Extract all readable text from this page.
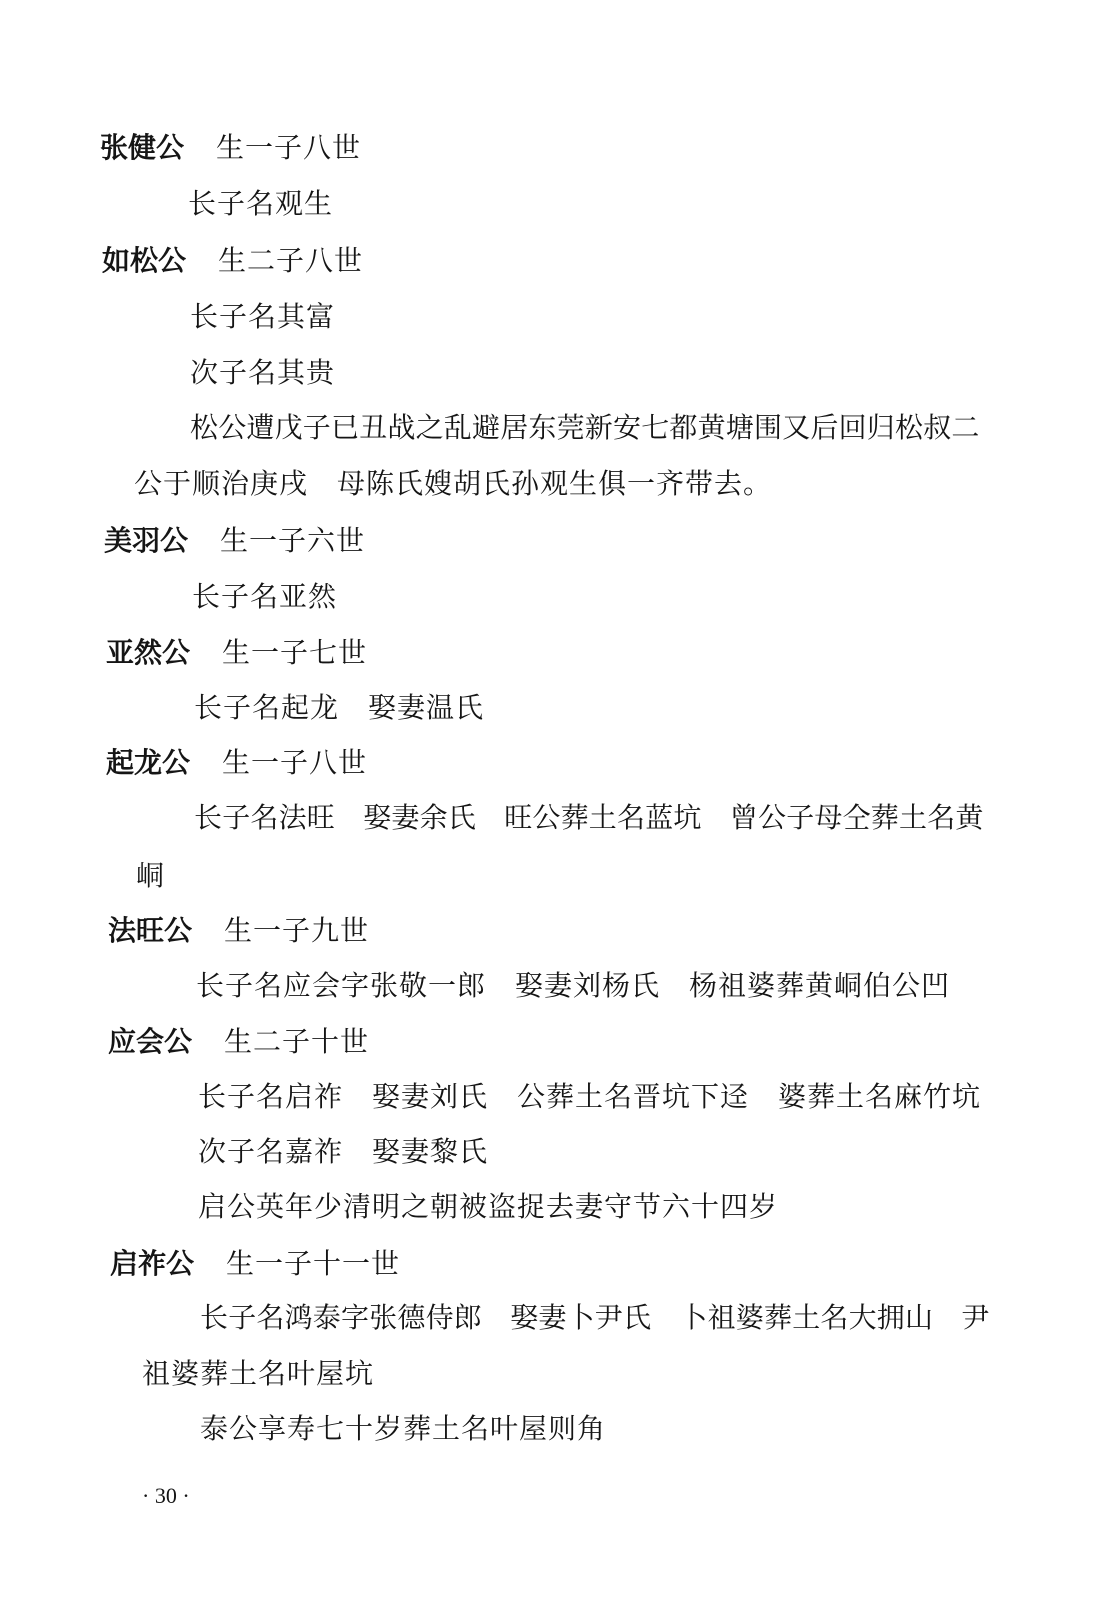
张健公 生一子八世
长子名观生
如松公 生二子八世
长子名其富
次子名其贵
松公遭戊子已丑战之乱避居东莞新安七都黄塘围又后回归松叔二
公于顺治庚戌　母陈氏嫂胡氏孙观生俱一齐带去。
美羽公 生一子六世
长子名亚然
亚然公 生一子七世
长子名起龙　娶妻温氏
起龙公 生一子八世
长子名法旺　娶妻余氏　旺公葬土名蓝坑　曾公子母仝葬土名黄
峒
法旺公 生一子九世
长子名应会字张敬一郎　娶妻刘杨氏　杨祖婆葬黄峒伯公凹
应会公 生二子十世
长子名启祚　娶妻刘氏　公葬土名晋坑下迳　婆葬土名麻竹坑
次子名嘉祚　娶妻黎氏
启公英年少清明之朝被盗捉去妻守节六十四岁
启祚公 生一子十一世
长子名鸿泰字张德侍郎　娶妻卜尹氏　卜祖婆葬土名大拥山　尹
祖婆葬土名叶屋坑
泰公享寿七十岁葬土名叶屋则角
· 30 ·
